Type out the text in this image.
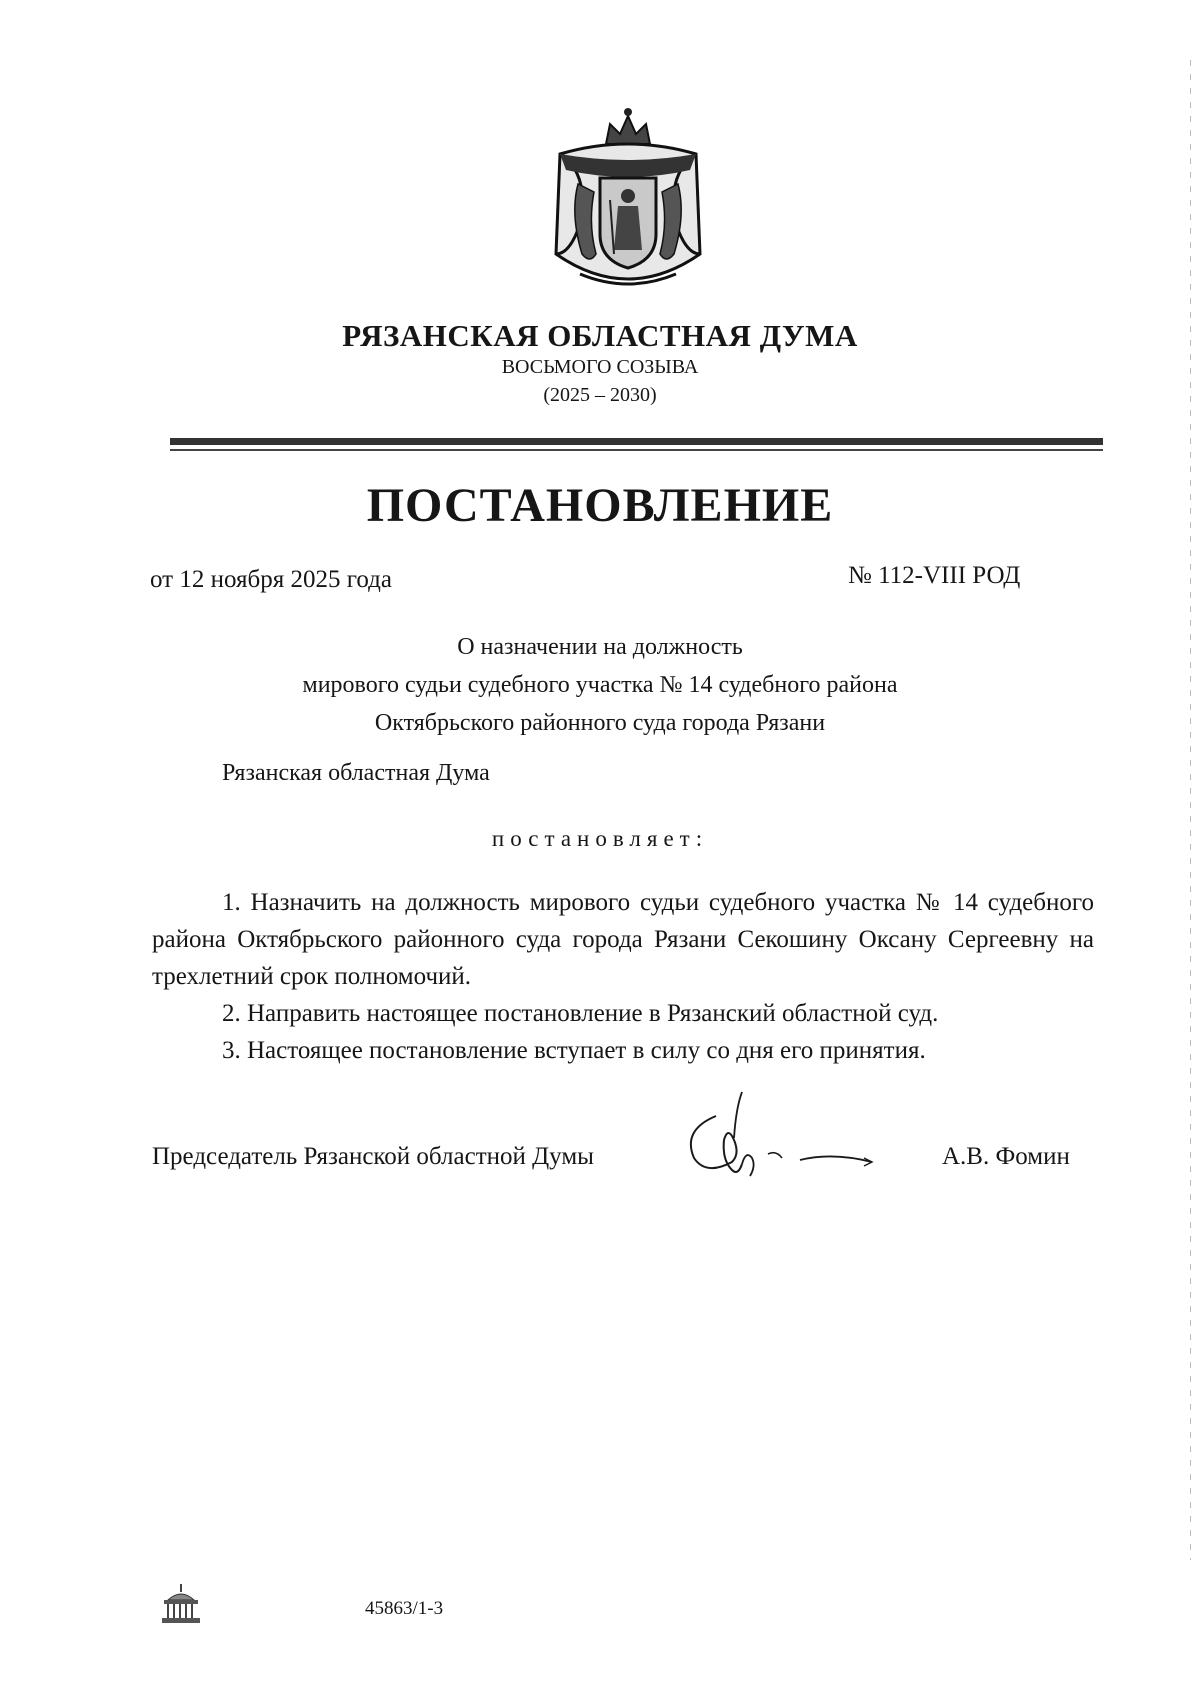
РЯЗАНСКАЯ ОБЛАСТНАЯ ДУМА
ВОСЬМОГО СОЗЫВА
(2025 – 2030)
ПОСТАНОВЛЕНИЕ
от 12 ноября 2025 года	№ 112-VIII РОД
О назначении на должность
мирового судьи судебного участка № 14 судебного района
Октябрьского районного суда города Рязани
Рязанская областная Дума
постановляет:

1. Назначить на должность мирового судьи судебного участка № 14 судебного района Октябрьского районного суда города Рязани Секошину Оксану Сергеевну на трехлетний срок полномочий.

2. Направить настоящее постановление в Рязанский областной суд.

3. Настоящее постановление вступает в силу со дня его принятия.

Председатель Рязанской областной Думы	А.В. Фомин
45863/1-3
